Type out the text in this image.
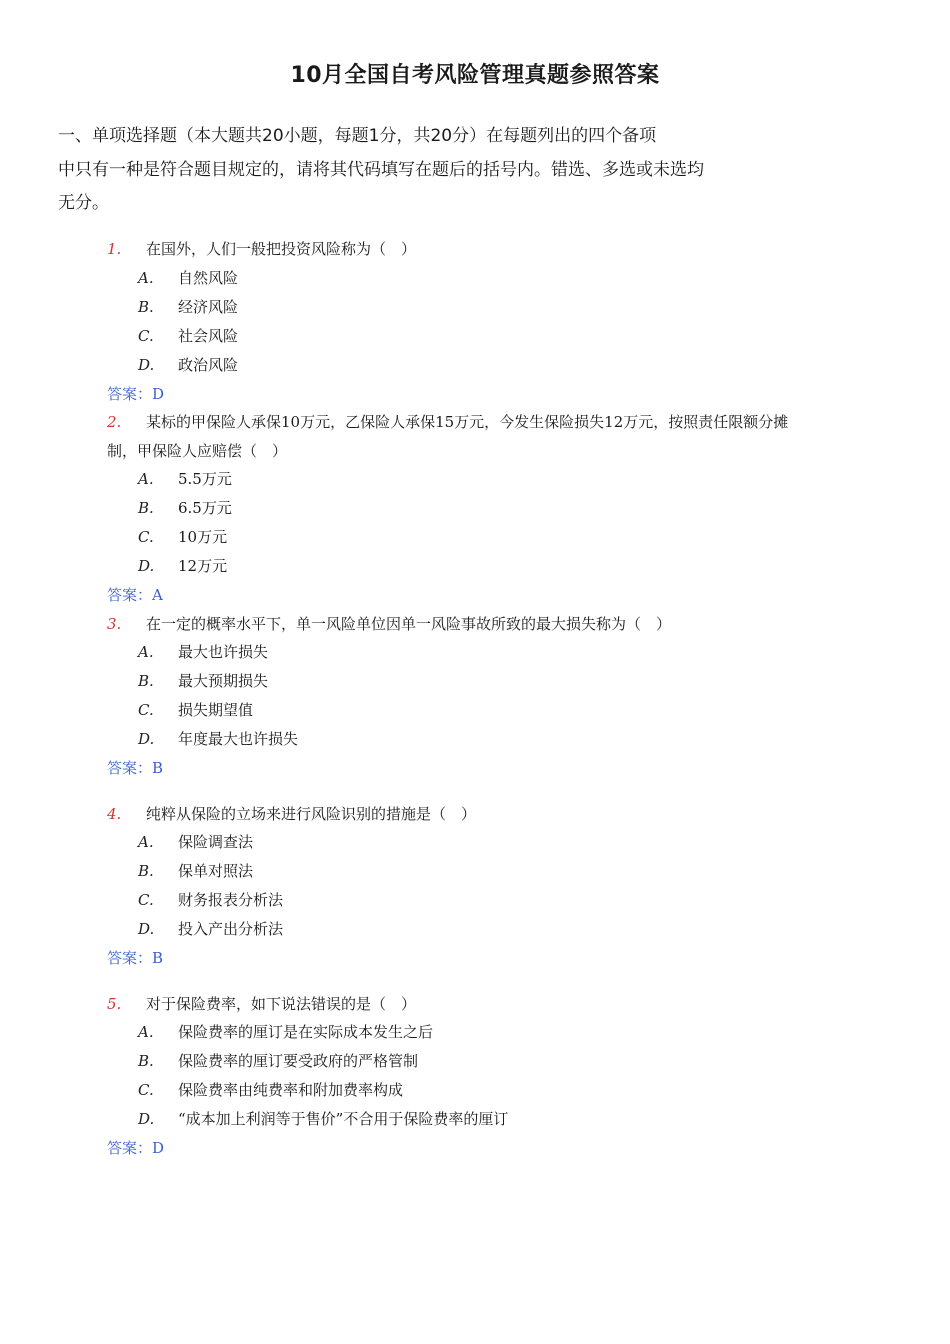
10月全国自考风险管理真题参照答案
一、单项选择题（本大题共20小题，每题1分，共20分）在每题列出的四个备项
中只有一种是符合题目规定的，请将其代码填写在题后的括号内。错选、多选或未选均
无分。
1.	在国外，人们一般把投资风险称为（　）
A.	自然风险
B.	经济风险
C.	社会风险
D.	政治风险
答案：D
2. 某标的甲保险人承保10万元，乙保险人承保15万元，今发生保险损失12万元，按照责任限额分摊制，甲保险人应赔偿（　）
A.	5.5万元
B.	6.5万元
C.	10万元
D.	12万元
答案：A
3.	在一定的概率水平下，单一风险单位因单一风险事故所致的最大损失称为（　）
A.	最大也许损失
B.	最大预期损失
C.	损失期望值
D.	年度最大也许损失
答案：B
4.	纯粹从保险的立场来进行风险识别的措施是（　）
A.	保险调查法
B.	保单对照法
C.	财务报表分析法
D.	投入产出分析法
答案：B
5.	对于保险费率，如下说法错误的是（　）
A.	保险费率的厘订是在实际成本发生之后
B.	保险费率的厘订要受政府的严格管制
C.	保险费率由纯费率和附加费率构成
D.	“成本加上利润等于售价”不合用于保险费率的厘订
答案：D
